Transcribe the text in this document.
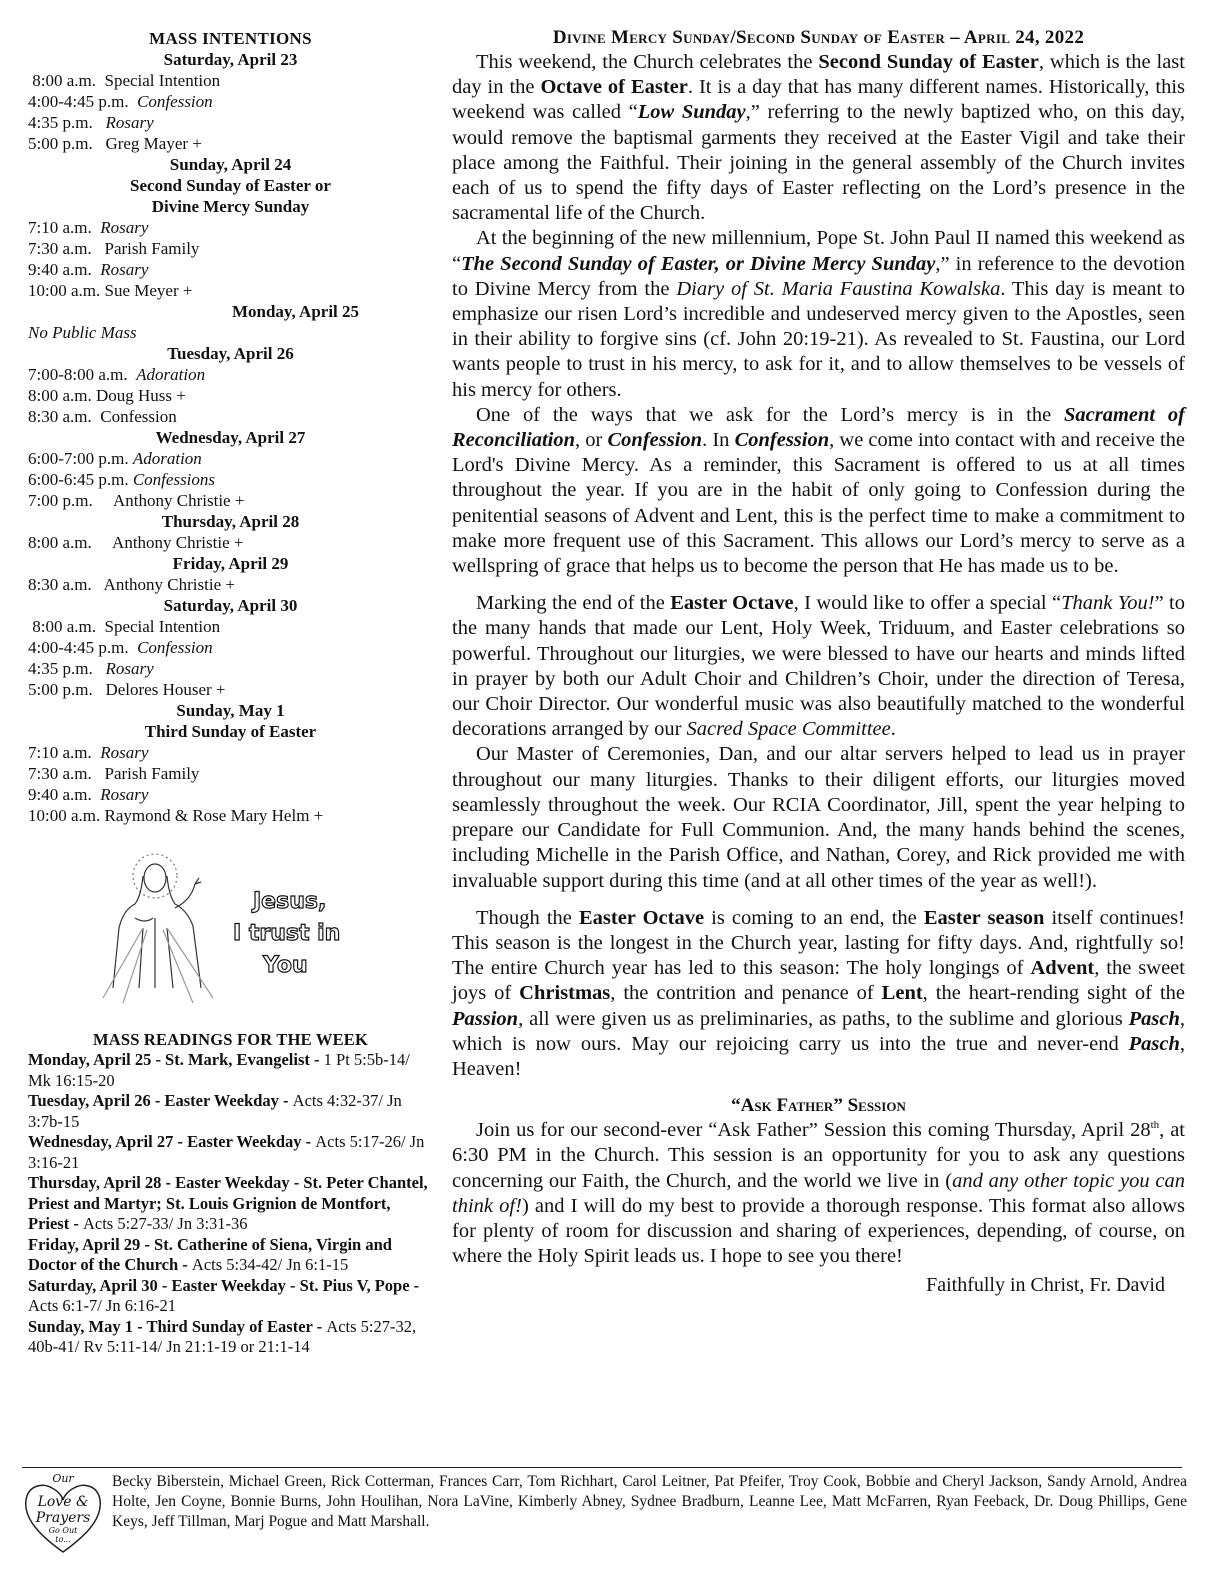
MASS INTENTIONS
Saturday, April 23
8:00 a.m.  Special Intention
4:00-4:45 p.m.  Confession
4:35 p.m.   Rosary
5:00 p.m.   Greg Mayer +
Sunday, April 24
Second Sunday of Easter or
Divine Mercy Sunday
7:10 a.m.  Rosary
7:30 a.m.   Parish Family
9:40 a.m.  Rosary
10:00 a.m. Sue Meyer +
Monday, April 25
No Public Mass
Tuesday, April 26
7:00-8:00 a.m.  Adoration
8:00 a.m. Doug Huss +
8:30 a.m.  Confession
Wednesday, April 27
6:00-7:00 p.m. Adoration
6:00-6:45 p.m. Confessions
7:00 p.m.     Anthony Christie +
Thursday, April 28
8:00 a.m.     Anthony Christie +
Friday, April 29
8:30 a.m.   Anthony Christie +
Saturday, April 30
8:00 a.m.  Special Intention
4:00-4:45 p.m.  Confession
4:35 p.m.   Rosary
5:00 p.m.   Delores Houser +
Sunday, May 1
Third Sunday of Easter
7:10 a.m.  Rosary
7:30 a.m.   Parish Family
9:40 a.m.  Rosary
10:00 a.m. Raymond & Rose Mary Helm +
Jesus,
I trust in
You
MASS READINGS FOR THE WEEK
Monday, April 25 - St. Mark, Evangelist - 1 Pt 5:5b-14/ Mk 16:15-20
Tuesday, April 26 - Easter Weekday - Acts 4:32-37/ Jn 3:7b-15
Wednesday, April 27 - Easter Weekday - Acts 5:17-26/ Jn 3:16-21
Thursday, April 28 - Easter Weekday - St. Peter Chantel, Priest and Martyr; St. Louis Grignion de Montfort, Priest - Acts 5:27-33/ Jn 3:31-36
Friday, April 29 - St. Catherine of Siena, Virgin and Doctor of the Church - Acts 5:34-42/ Jn 6:1-15
Saturday, April 30 - Easter Weekday - St. Pius V, Pope - Acts 6:1-7/ Jn 6:16-21
Sunday, May 1 - Third Sunday of Easter - Acts 5:27-32, 40b-41/ Rv 5:11-14/ Jn 21:1-19 or 21:1-14
Divine Mercy Sunday/Second Sunday of Easter – April 24, 2022

This weekend, the Church celebrates the Second Sunday of Easter, which is the last day in the Octave of Easter. It is a day that has many different names. Historically, this weekend was called “Low Sunday,” referring to the newly baptized who, on this day, would remove the baptismal garments they received at the Easter Vigil and take their place among the Faithful. Their joining in the general assembly of the Church invites each of us to spend the fifty days of Easter reflecting on the Lord’s presence in the sacramental life of the Church.

At the beginning of the new millennium, Pope St. John Paul II named this weekend as “The Second Sunday of Easter, or Divine Mercy Sunday,” in reference to the devotion to Divine Mercy from the Diary of St. Maria Faustina Kowalska. This day is meant to emphasize our risen Lord’s incredible and undeserved mercy given to the Apostles, seen in their ability to forgive sins (cf. John 20:19-21). As revealed to St. Faustina, our Lord wants people to trust in his mercy, to ask for it, and to allow themselves to be vessels of his mercy for others.

One of the ways that we ask for the Lord’s mercy is in the Sacrament of Reconciliation, or Confession. In Confession, we come into contact with and receive the Lord's Divine Mercy. As a reminder, this Sacrament is offered to us at all times throughout the year. If you are in the habit of only going to Confession during the penitential seasons of Advent and Lent, this is the perfect time to make a commitment to make more frequent use of this Sacrament. This allows our Lord’s mercy to serve as a wellspring of grace that helps us to become the person that He has made us to be.

Marking the end of the Easter Octave, I would like to offer a special “Thank You!” to the many hands that made our Lent, Holy Week, Triduum, and Easter celebrations so powerful. Throughout our liturgies, we were blessed to have our hearts and minds lifted in prayer by both our Adult Choir and Children’s Choir, under the direction of Teresa, our Choir Director. Our wonderful music was also beautifully matched to the wonderful decorations arranged by our Sacred Space Committee.

Our Master of Ceremonies, Dan, and our altar servers helped to lead us in prayer throughout our many liturgies. Thanks to their diligent efforts, our liturgies moved seamlessly throughout the week. Our RCIA Coordinator, Jill, spent the year helping to prepare our Candidate for Full Communion. And, the many hands behind the scenes, including Michelle in the Parish Office, and Nathan, Corey, and Rick provided me with invaluable support during this time (and at all other times of the year as well!).

Though the Easter Octave is coming to an end, the Easter season itself continues! This season is the longest in the Church year, lasting for fifty days. And, rightfully so! The entire Church year has led to this season: The holy longings of Advent, the sweet joys of Christmas, the contrition and penance of Lent, the heart-rending sight of the Passion, all were given us as preliminaries, as paths, to the sublime and glorious Pasch, which is now ours. May our rejoicing carry us into the true and never-end Pasch, Heaven!

“Ask Father” Session

Join us for our second-ever “Ask Father” Session this coming Thursday, April 28th, at 6:30 PM in the Church. This session is an opportunity for you to ask any questions concerning our Faith, the Church, and the world we live in (and any other topic you can think of!) and I will do my best to provide a thorough response. This format also allows for plenty of room for discussion and sharing of experiences, depending, of course, on where the Holy Spirit leads us. I hope to see you there!

Faithfully in Christ, Fr. David
Our
Love &
Prayers
Go Out
to...
Becky Biberstein, Michael Green, Rick Cotterman, Frances Carr, Tom Richhart, Carol Leitner, Pat Pfeifer, Troy Cook, Bobbie and Cheryl Jackson, Sandy Arnold, Andrea Holte, Jen Coyne, Bonnie Burns, John Houlihan, Nora LaVine, Kimberly Abney, Sydnee Bradburn, Leanne Lee, Matt McFarren, Ryan Feeback, Dr. Doug Phillips, Gene Keys, Jeff Tillman, Marj Pogue and Matt Marshall.
